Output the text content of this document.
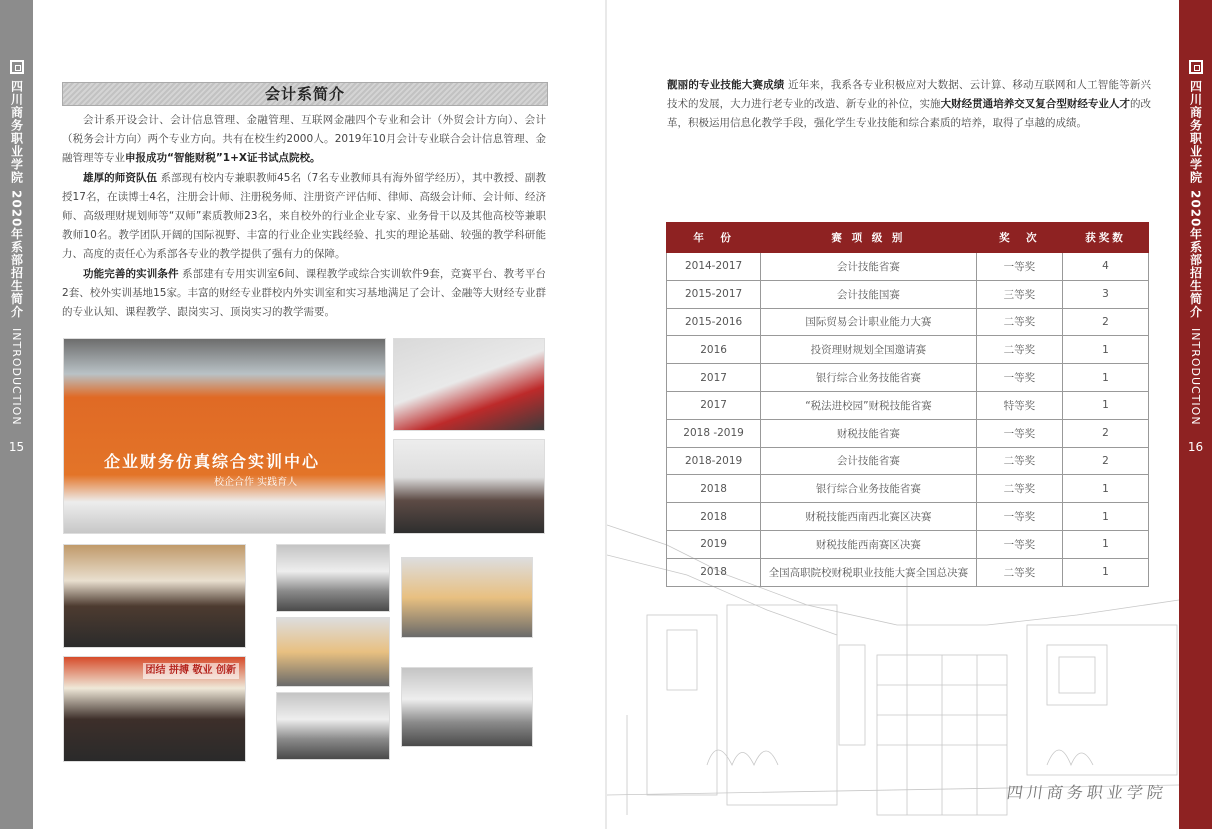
四川商务职业学院
2020年系部招生简介
INTRODUCTION
15
会计系简介

会计系开设会计、会计信息管理、金融管理、互联网金融四个专业和会计（外贸会计方向）、会计（税务会计方向）两个专业方向。共有在校生约2000人。2019年10月会计专业联合会计信息管理、金融管理等专业申报成功“智能财税”1+X证书试点院校。

雄厚的师资队伍 系部现有校内专兼职教师45名（7名专业教师具有海外留学经历），其中教授、副教授17名，在读博士4名，注册会计师、注册税务师、注册资产评估师、律师、高级会计师、会计师、经济师、高级理财规划师等“双师”素质教师23名，来自校外的行业企业专家、业务骨干以及其他高校等兼职教师10名。教学团队开阔的国际视野、丰富的行业企业实践经验、扎实的理论基础、较强的教学科研能力、高度的责任心为系部各专业的教学提供了强有力的保障。

功能完善的实训条件 系部建有专用实训室6间、课程教学或综合实训软件9套，竞赛平台、教考平台2套、校外实训基地15家。丰富的财经专业群校内外实训室和实习基地满足了会计、金融等大财经专业群的专业认知、课程教学、跟岗实习、顶岗实习的教学需要。

企业财务仿真综合实训中心
校企合作 实践育人
团结 拼搏 敬业 创新
四川商务职业学院
四川商务职业学院
2020年系部招生简介
INTRODUCTION
16

靓丽的专业技能大赛成绩 近年来，我系各专业积极应对大数据、云计算、移动互联网和人工智能等新兴技术的发展，大力进行老专业的改造、新专业的补位，实施大财经贯通培养交叉复合型财经专业人才的改革，积极运用信息化教学手段，强化学生专业技能和综合素质的培养，取得了卓越的成绩。

年　份	赛 项 级 别	奖　次	获奖数
2014-2017	会计技能省赛	一等奖	4
2015-2017	会计技能国赛	三等奖	3
2015-2016	国际贸易会计职业能力大赛	二等奖	2
2016	投资理财规划全国邀请赛	二等奖	1
2017	银行综合业务技能省赛	一等奖	1
2017	“税法进校园”财税技能省赛	特等奖	1
2018 -2019	财税技能省赛	一等奖	2
2018-2019	会计技能省赛	二等奖	2
2018	银行综合业务技能省赛	二等奖	1
2018	财税技能西南西北赛区决赛	一等奖	1
2019	财税技能西南赛区决赛	一等奖	1
2018	全国高职院校财税职业技能大赛全国总决赛	二等奖	1
